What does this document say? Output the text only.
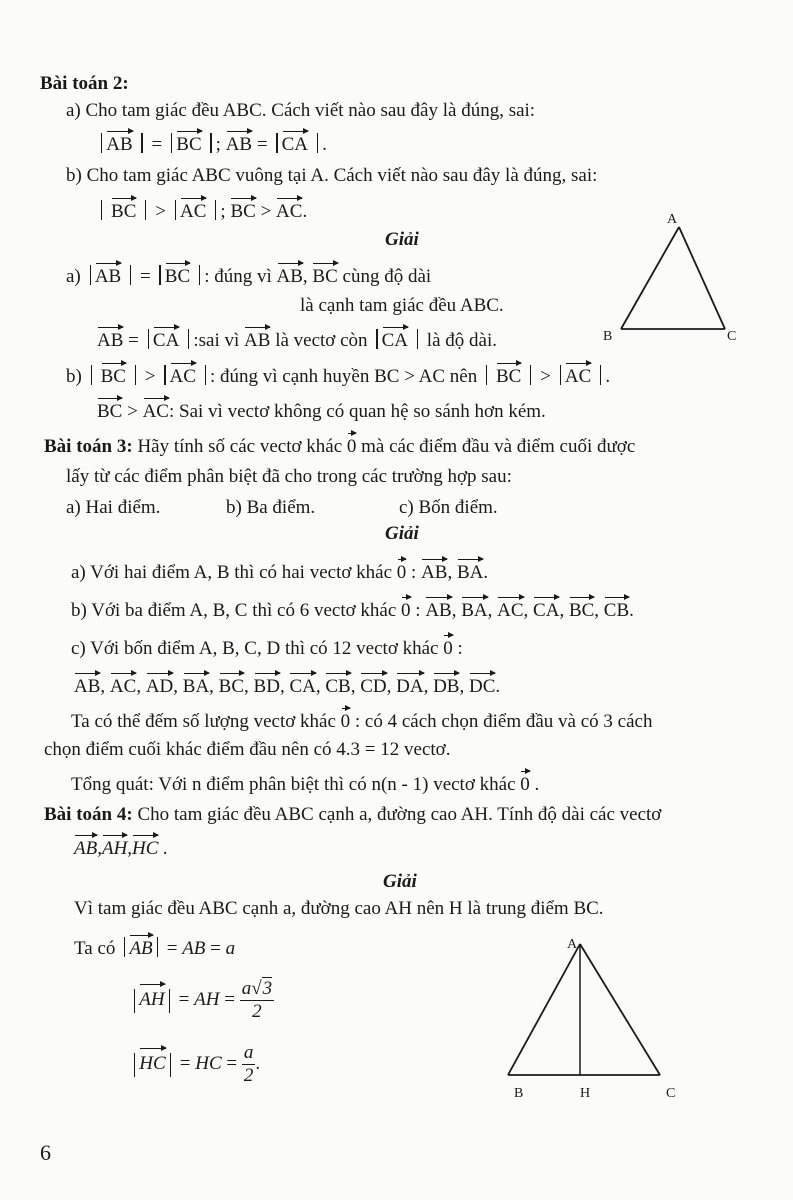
Bài toán 2:
a) Cho tam giác đều ABC. Cách viết nào sau đây là đúng, sai:
AB  = BC ; AB = CA .
b) Cho tam giác ABC vuông tại A. Cách viết nào sau đây là đúng, sai:
BC  > AC ; BC > AC.
Giải
a) AB  = BC : đúng vì AB, BC cùng độ dài
là cạnh tam giác đều ABC.
AB = CA :sai vì AB là vectơ còn CA là độ dài.
A
B	C
b)  BC  > AC : đúng vì cạnh huyền BC > AC nên BC  > AC .
BC > AC: Sai vì vectơ không có quan hệ so sánh hơn kém.
Bài toán 3: Hãy tính số các vectơ khác 0 mà các điểm đầu và điểm cuối được
lấy từ các điểm phân biệt đã cho trong các trường hợp sau:
a) Hai điểm.	b) Ba điểm.	c) Bốn điểm.
Giải
a) Với hai điểm A, B thì có hai vectơ khác 0 : AB, BA.
b) Với ba điểm A, B, C thì có 6 vectơ khác 0 : AB, BA, AC, CA, BC, CB.
c) Với bốn điểm A, B, C, D thì có 12 vectơ khác 0 :
AB, AC, AD, BA, BC, BD, CA, CB, CD, DA, DB, DC.
Ta có thể đếm số lượng vectơ khác 0 : có 4 cách chọn điểm đầu và có 3 cách
chọn điểm cuối khác điểm đầu nên có 4.3 = 12 vectơ.
Tổng quát: Với n điểm phân biệt thì có n(n - 1) vectơ khác 0 .
Bài toán 4: Cho tam giác đều ABC cạnh a, đường cao AH. Tính độ dài các vectơ
AB,AH,HC .
Giải
Vì tam giác đều ABC cạnh a, đường cao AH nên H là trung điểm BC.
Ta có AB = AB = a
AH = AH = $\frac{a√3}{2}$
HC = HC = $\frac{a}{2}$ .
A
B	H	C
6
